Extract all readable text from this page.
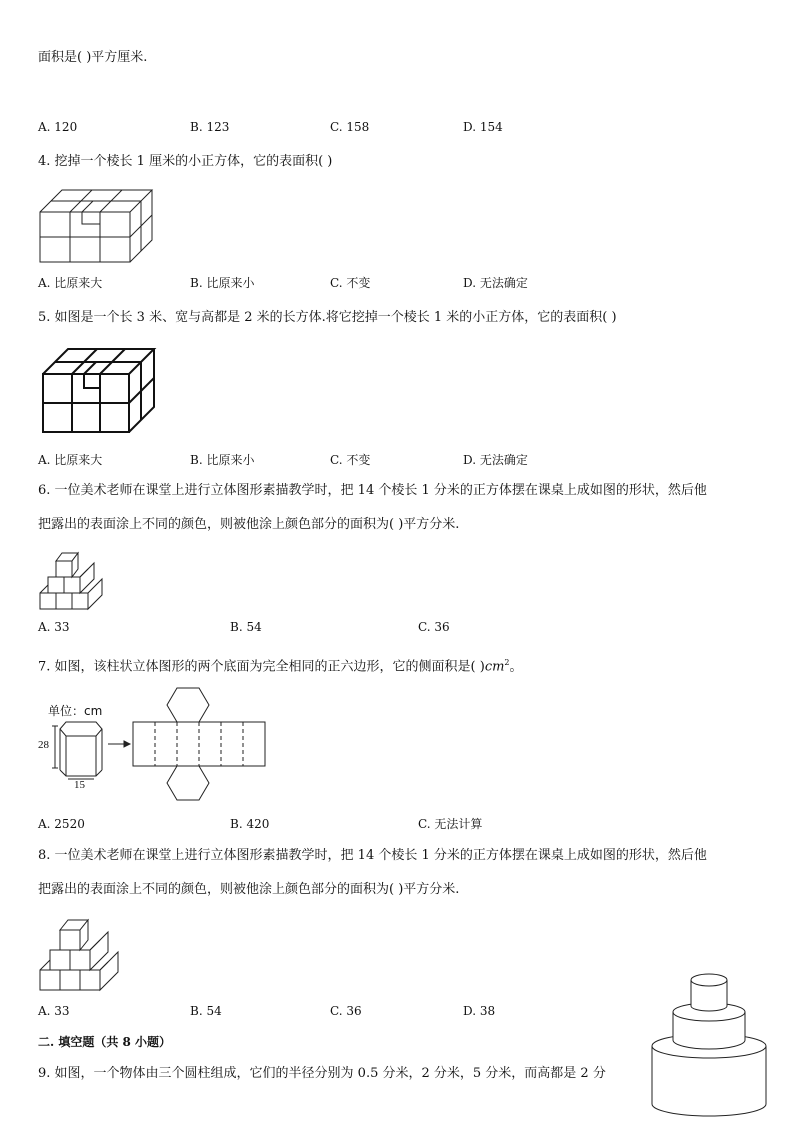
面积是( )平方厘米.
A. 120	B. 123	C. 158	D. 154
4. 挖掉一个棱长 1 厘米的小正方体，它的表面积( )
A. 比原来大	B. 比原来小	C. 不变	D. 无法确定
5. 如图是一个长 3 米、宽与高都是 2 米的长方体.将它挖掉一个棱长 1 米的小正方体，它的表面积( )
A. 比原来大	B. 比原来小	C. 不变	D. 无法确定
6. 一位美术老师在课堂上进行立体图形素描教学时，把 14 个棱长 1 分米的正方体摆在课桌上成如图的形状，然后他
把露出的表面涂上不同的颜色，则被他涂上颜色部分的面积为( )平方分米.
A. 33	B. 54	C. 36
7. 如图，该柱状立体图形的两个底面为完全相同的正六边形，它的侧面积是( )$cm^2$。
单位：cm
28
15
A. 2520	B. 420	C. 无法计算
8. 一位美术老师在课堂上进行立体图形素描教学时，把 14 个棱长 1 分米的正方体摆在课桌上成如图的形状，然后他
把露出的表面涂上不同的颜色，则被他涂上颜色部分的面积为( )平方分米.
A. 33	B. 54	C. 36	D. 38
二. 填空题（共 8 小题）
9. 如图，一个物体由三个圆柱组成，它们的半径分别为 0.5 分米，2 分米，5 分米，而高都是 2 分
